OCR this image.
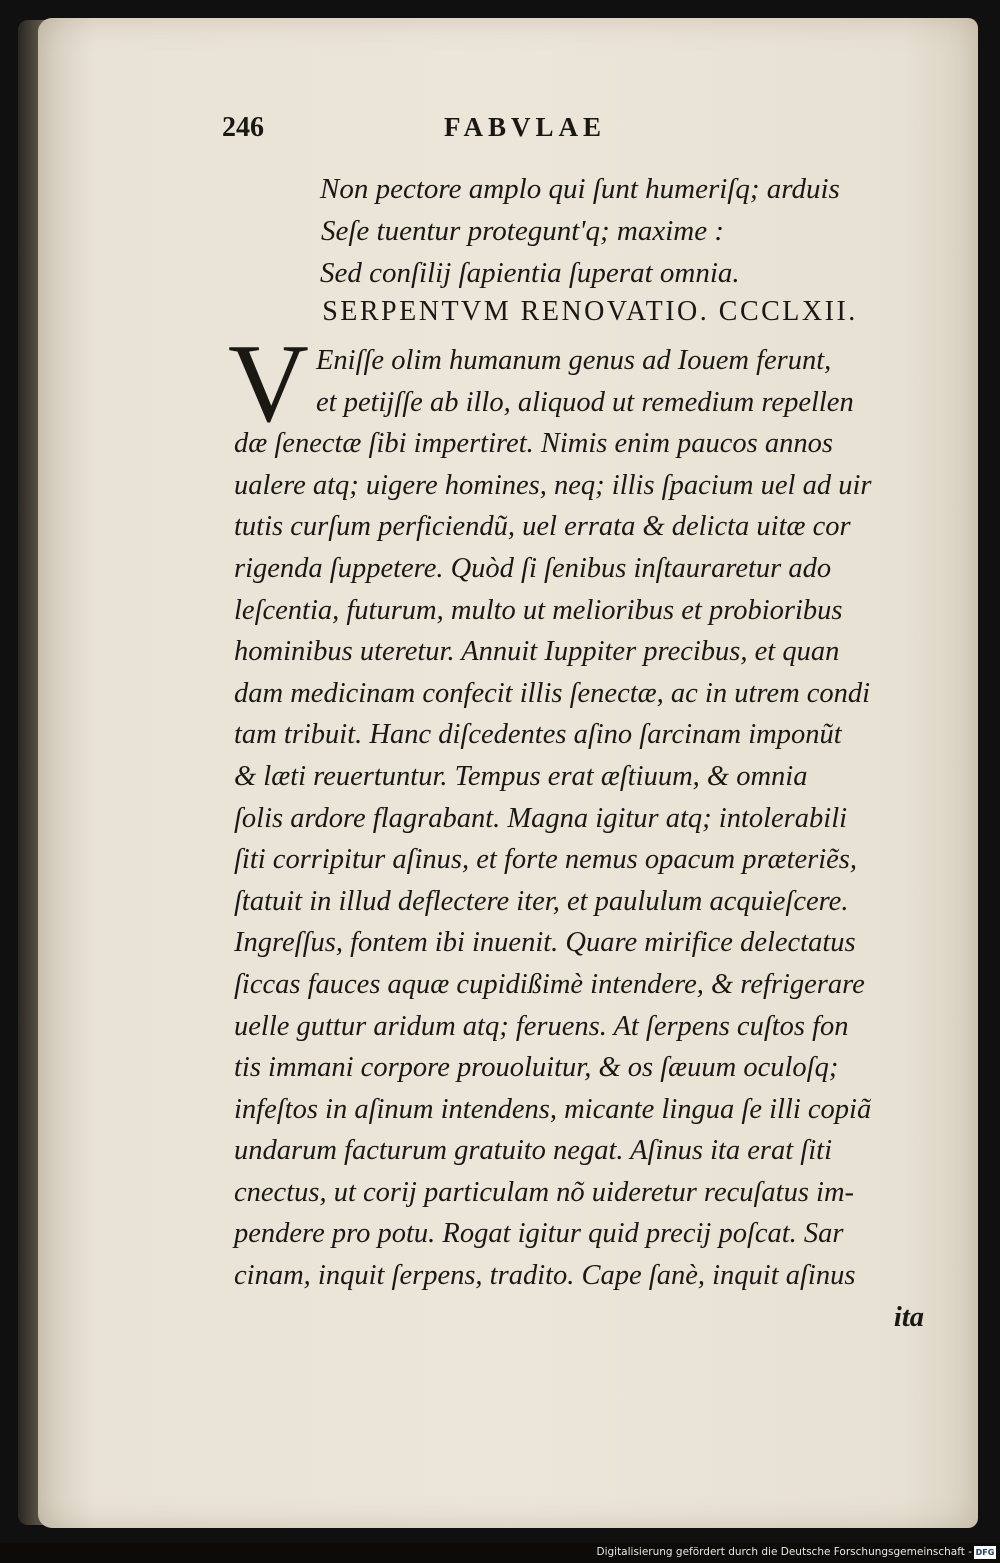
246	FABVLAE
Non pectore amplo qui ſunt humeriſq; arduis
Seſe tuentur protegunt'q; maxime :
Sed conſilij ſapientia ſuperat omnia.
SERPENTVM RENOVATIO. CCCLXII.
V Eniſſe olim humanum genus ad Iouem ferunt,
et petijſſe ab illo, aliquod ut remedium repellen
dæ ſenectæ ſibi impertiret. Nimis enim paucos annos
ualere atq; uigere homines, neq; illis ſpacium uel ad uir
tutis curſum perficiendũ, uel errata & delicta uitæ cor
rigenda ſuppetere. Quòd ſi ſenibus inſtauraretur ado
leſcentia, futurum, multo ut melioribus et probioribus
hominibus uteretur. Annuit Iuppiter precibus, et quan
dam medicinam confecit illis ſenectæ, ac in utrem condi
tam tribuit. Hanc diſcedentes aſino ſarcinam imponũt
& læti reuertuntur. Tempus erat æſtiuum, & omnia
ſolis ardore flagrabant. Magna igitur atq; intolerabili
ſiti corripitur aſinus, et forte nemus opacum præteriẽs,
ſtatuit in illud deflectere iter, et paululum acquieſcere.
Ingreſſus, fontem ibi inuenit. Quare mirifice delectatus
ſiccas fauces aquæ cupidißimè intendere, & refrigerare
uelle guttur aridum atq; feruens. At ſerpens cuſtos fon
tis immani corpore prouoluitur, & os ſæuum oculoſq;
infeſtos in aſinum intendens, micante lingua ſe illi copiã
undarum facturum gratuito negat. Aſinus ita erat ſiti
cnectus, ut corij particulam nõ uideretur recuſatus im-
pendere pro potu. Rogat igitur quid precij poſcat. Sar
cinam, inquit ſerpens, tradito. Cape ſanè, inquit aſinus
ita
Digitalisierung gefördert durch die Deutsche Forschungsgemeinschaft - DFG
